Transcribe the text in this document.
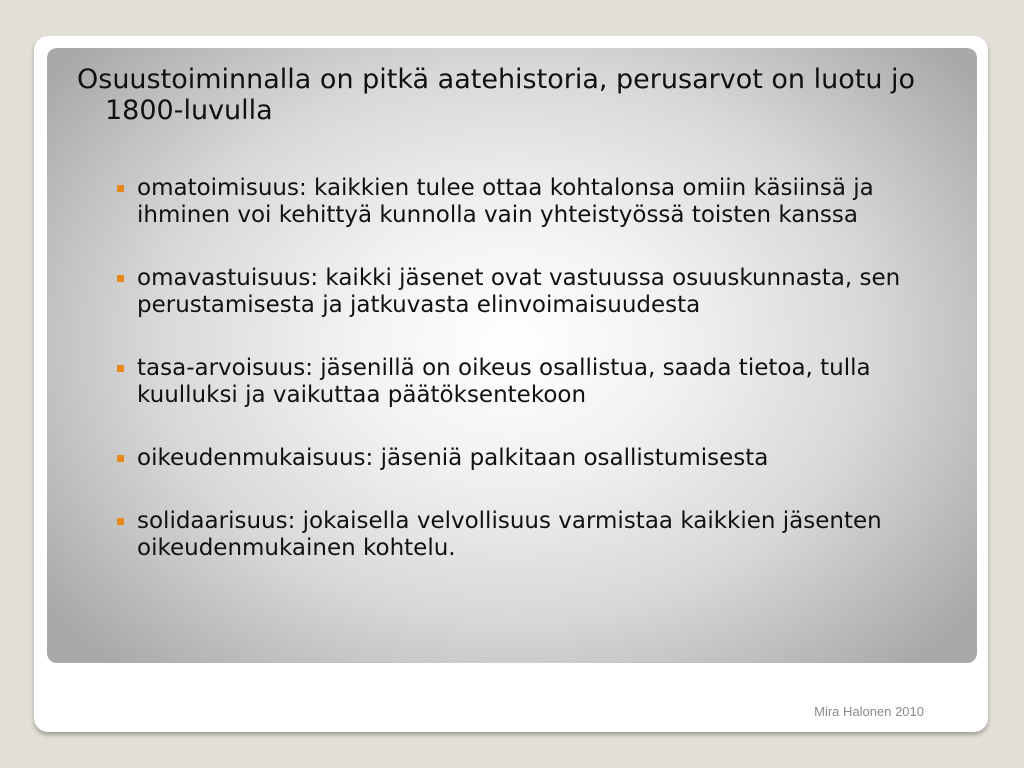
Osuustoiminnalla on pitkä aatehistoria, perusarvot on luotu jo 1800-luvulla
omatoimisuus: kaikkien tulee ottaa kohtalonsa omiin käsiinsä ja ihminen voi kehittyä kunnolla vain yhteistyössä toisten kanssa
omavastuisuus: kaikki jäsenet ovat vastuussa osuuskunnasta, sen perustamisesta ja jatkuvasta elinvoimaisuudesta
tasa-arvoisuus: jäsenillä on oikeus osallistua, saada tietoa, tulla kuulluksi ja vaikuttaa päätöksentekoon
oikeudenmukaisuus: jäseniä palkitaan osallistumisesta
solidaarisuus: jokaisella velvollisuus varmistaa kaikkien jäsenten oikeudenmukainen kohtelu.
Mira Halonen 2010
